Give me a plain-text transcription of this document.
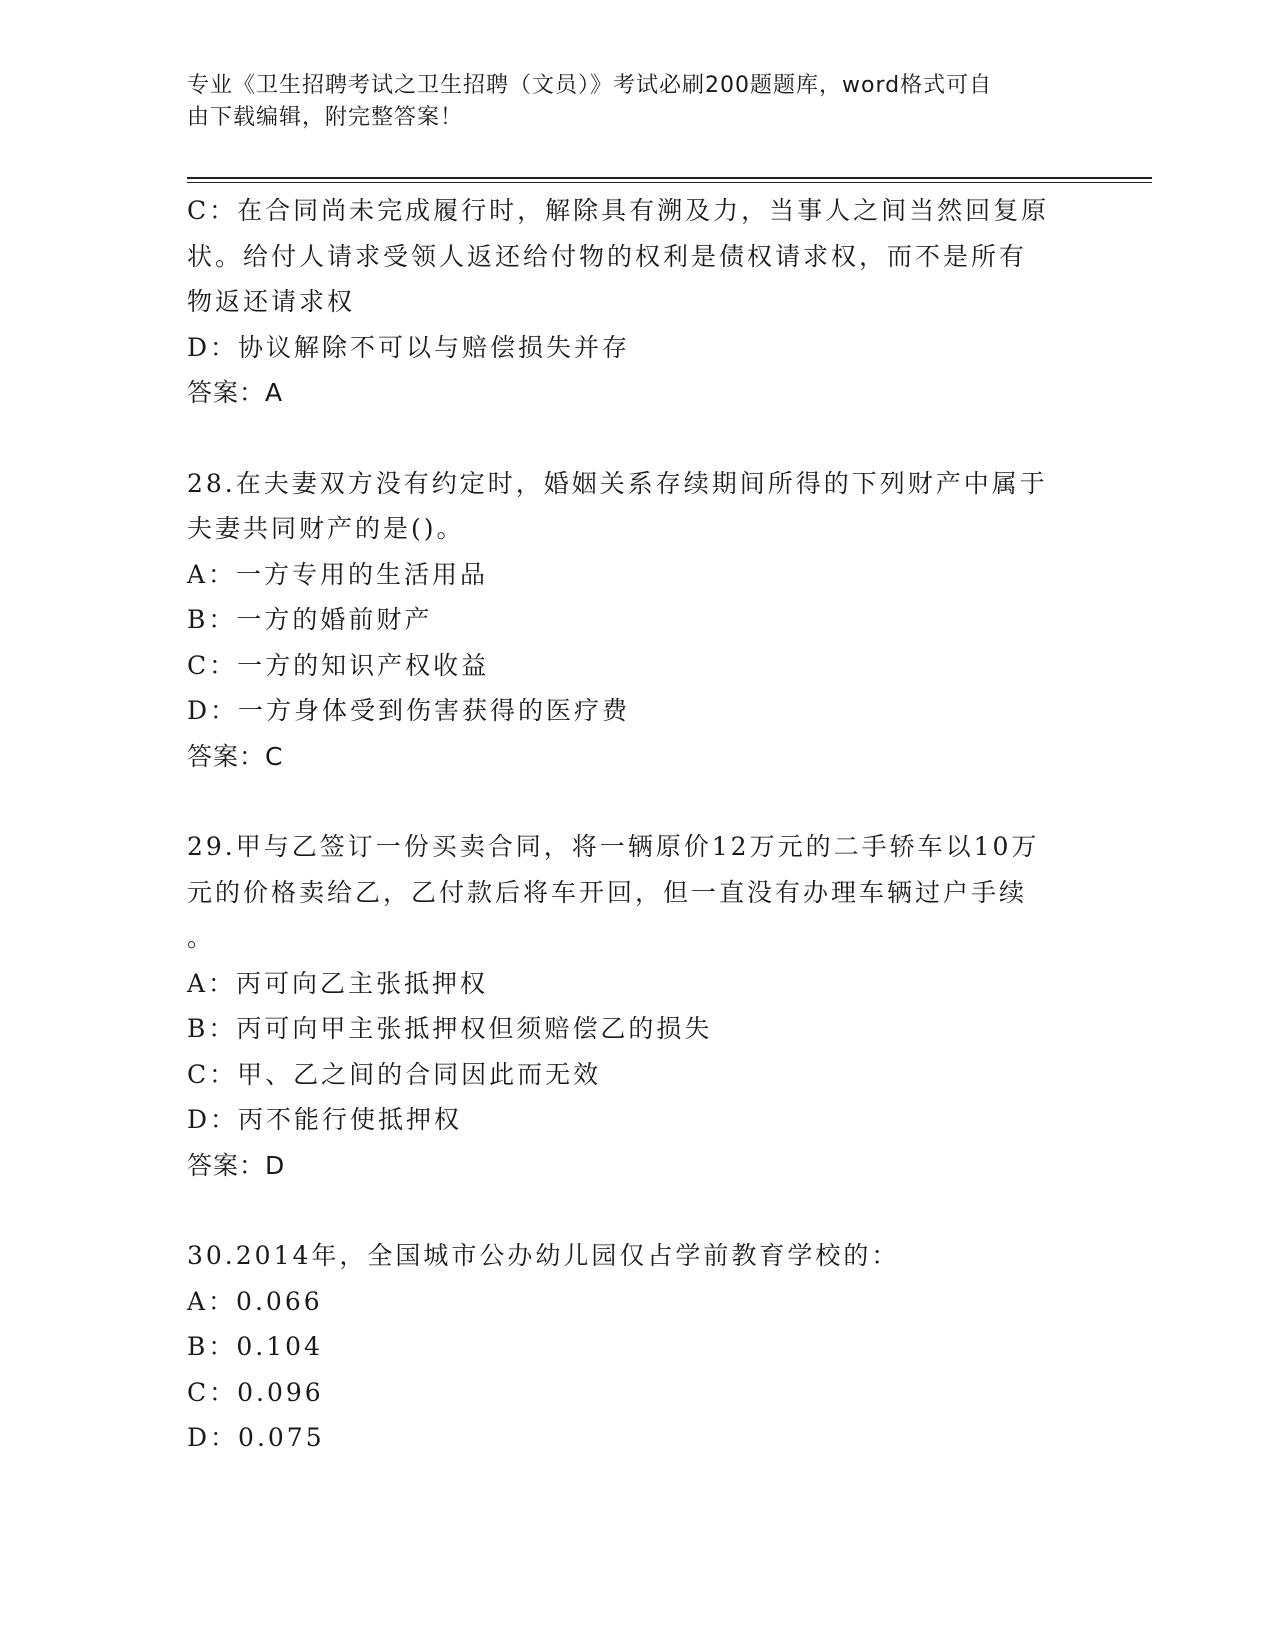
专业《卫生招聘考试之卫生招聘（文员）》考试必刷200题题库，word格式可自
由下载编辑，附完整答案！
C：在合同尚未完成履行时，解除具有溯及力，当事人之间当然回复原
状。给付人请求受领人返还给付物的权利是债权请求权，而不是所有
物返还请求权
D：协议解除不可以与赔偿损失并存
答案：A
28.在夫妻双方没有约定时，婚姻关系存续期间所得的下列财产中属于
夫妻共同财产的是()。
A：一方专用的生活用品
B：一方的婚前财产
C：一方的知识产权收益
D：一方身体受到伤害获得的医疗费
答案：C
29.甲与乙签订一份买卖合同，将一辆原价12万元的二手轿车以10万
元的价格卖给乙，乙付款后将车开回，但一直没有办理车辆过户手续
。
A：丙可向乙主张抵押权
B：丙可向甲主张抵押权但须赔偿乙的损失
C：甲、乙之间的合同因此而无效
D：丙不能行使抵押权
答案：D
30.2014年，全国城市公办幼儿园仅占学前教育学校的：
A：0.066
B：0.104
C：0.096
D：0.075
